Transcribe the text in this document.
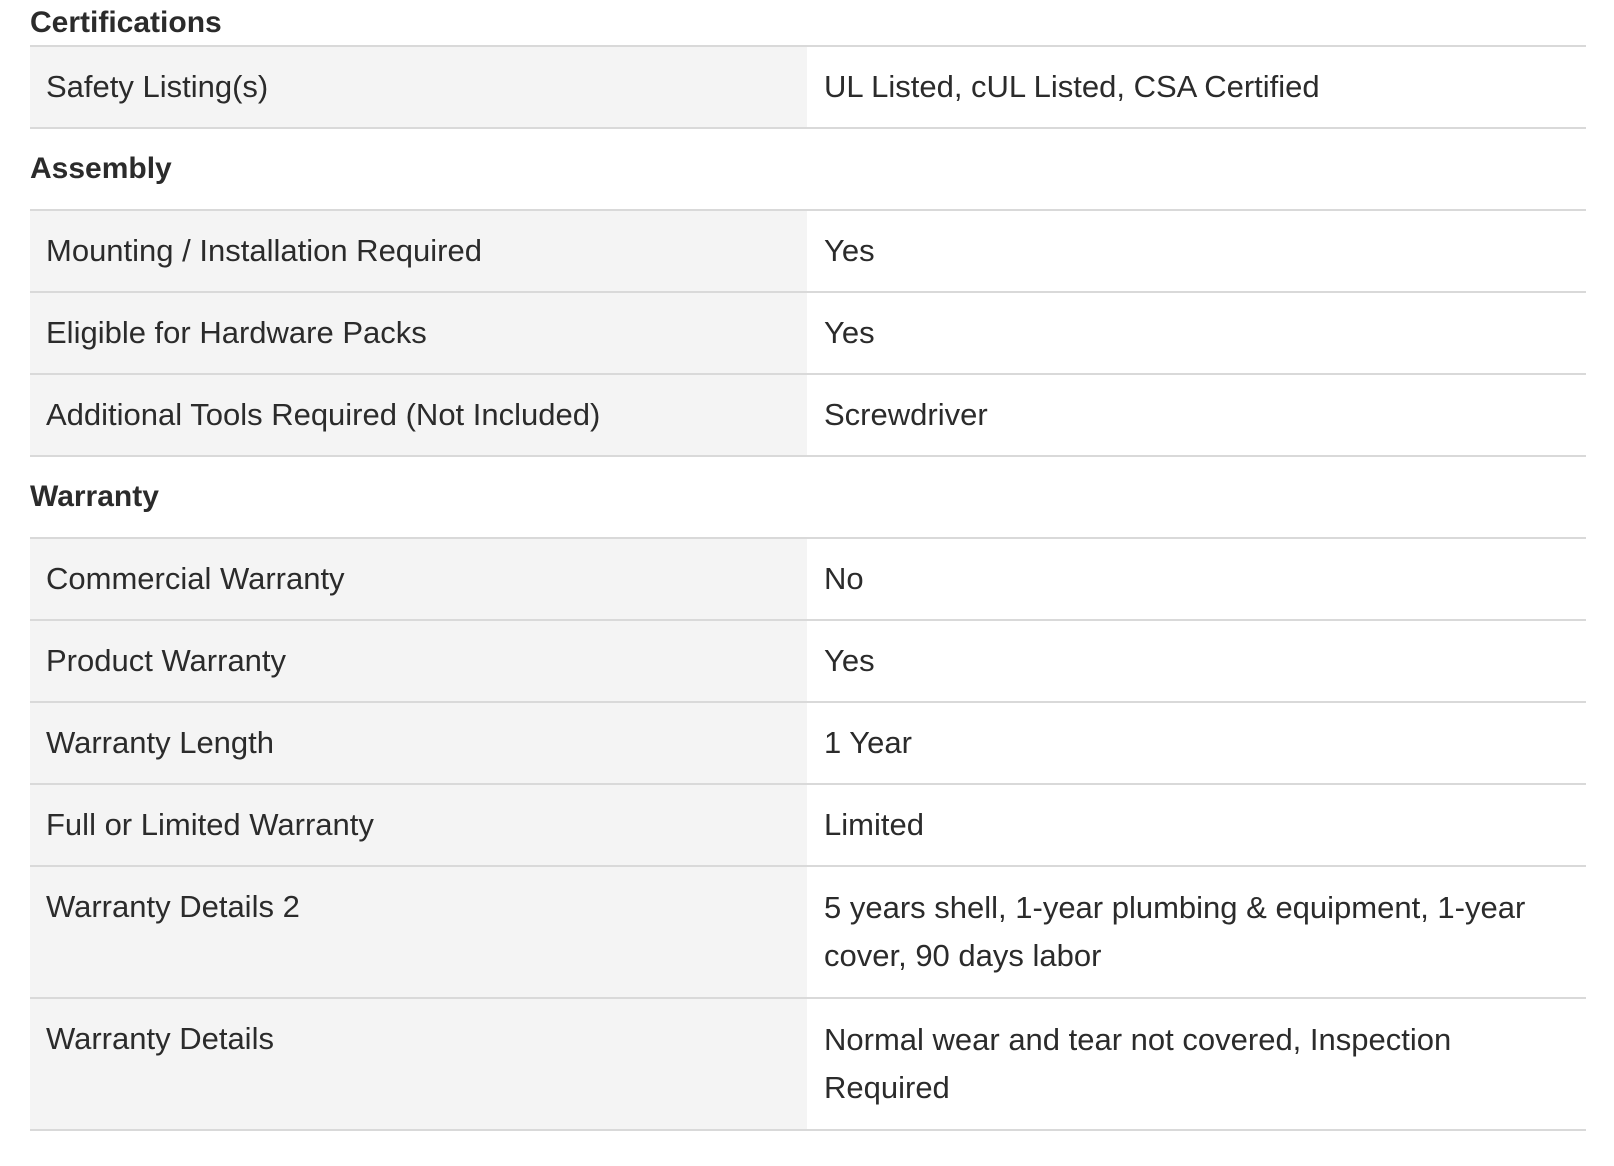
Certifications
Safety Listing(s)	UL Listed, cUL Listed, CSA Certified
Assembly
Mounting / Installation Required	Yes
Eligible for Hardware Packs	Yes
Additional Tools Required (Not Included)	Screwdriver
Warranty
Commercial Warranty	No
Product Warranty	Yes
Warranty Length	1 Year
Full or Limited Warranty	Limited
Warranty Details 2	5 years shell, 1-year plumbing & equipment, 1-year cover, 90 days labor
Warranty Details	Normal wear and tear not covered, Inspection Required
